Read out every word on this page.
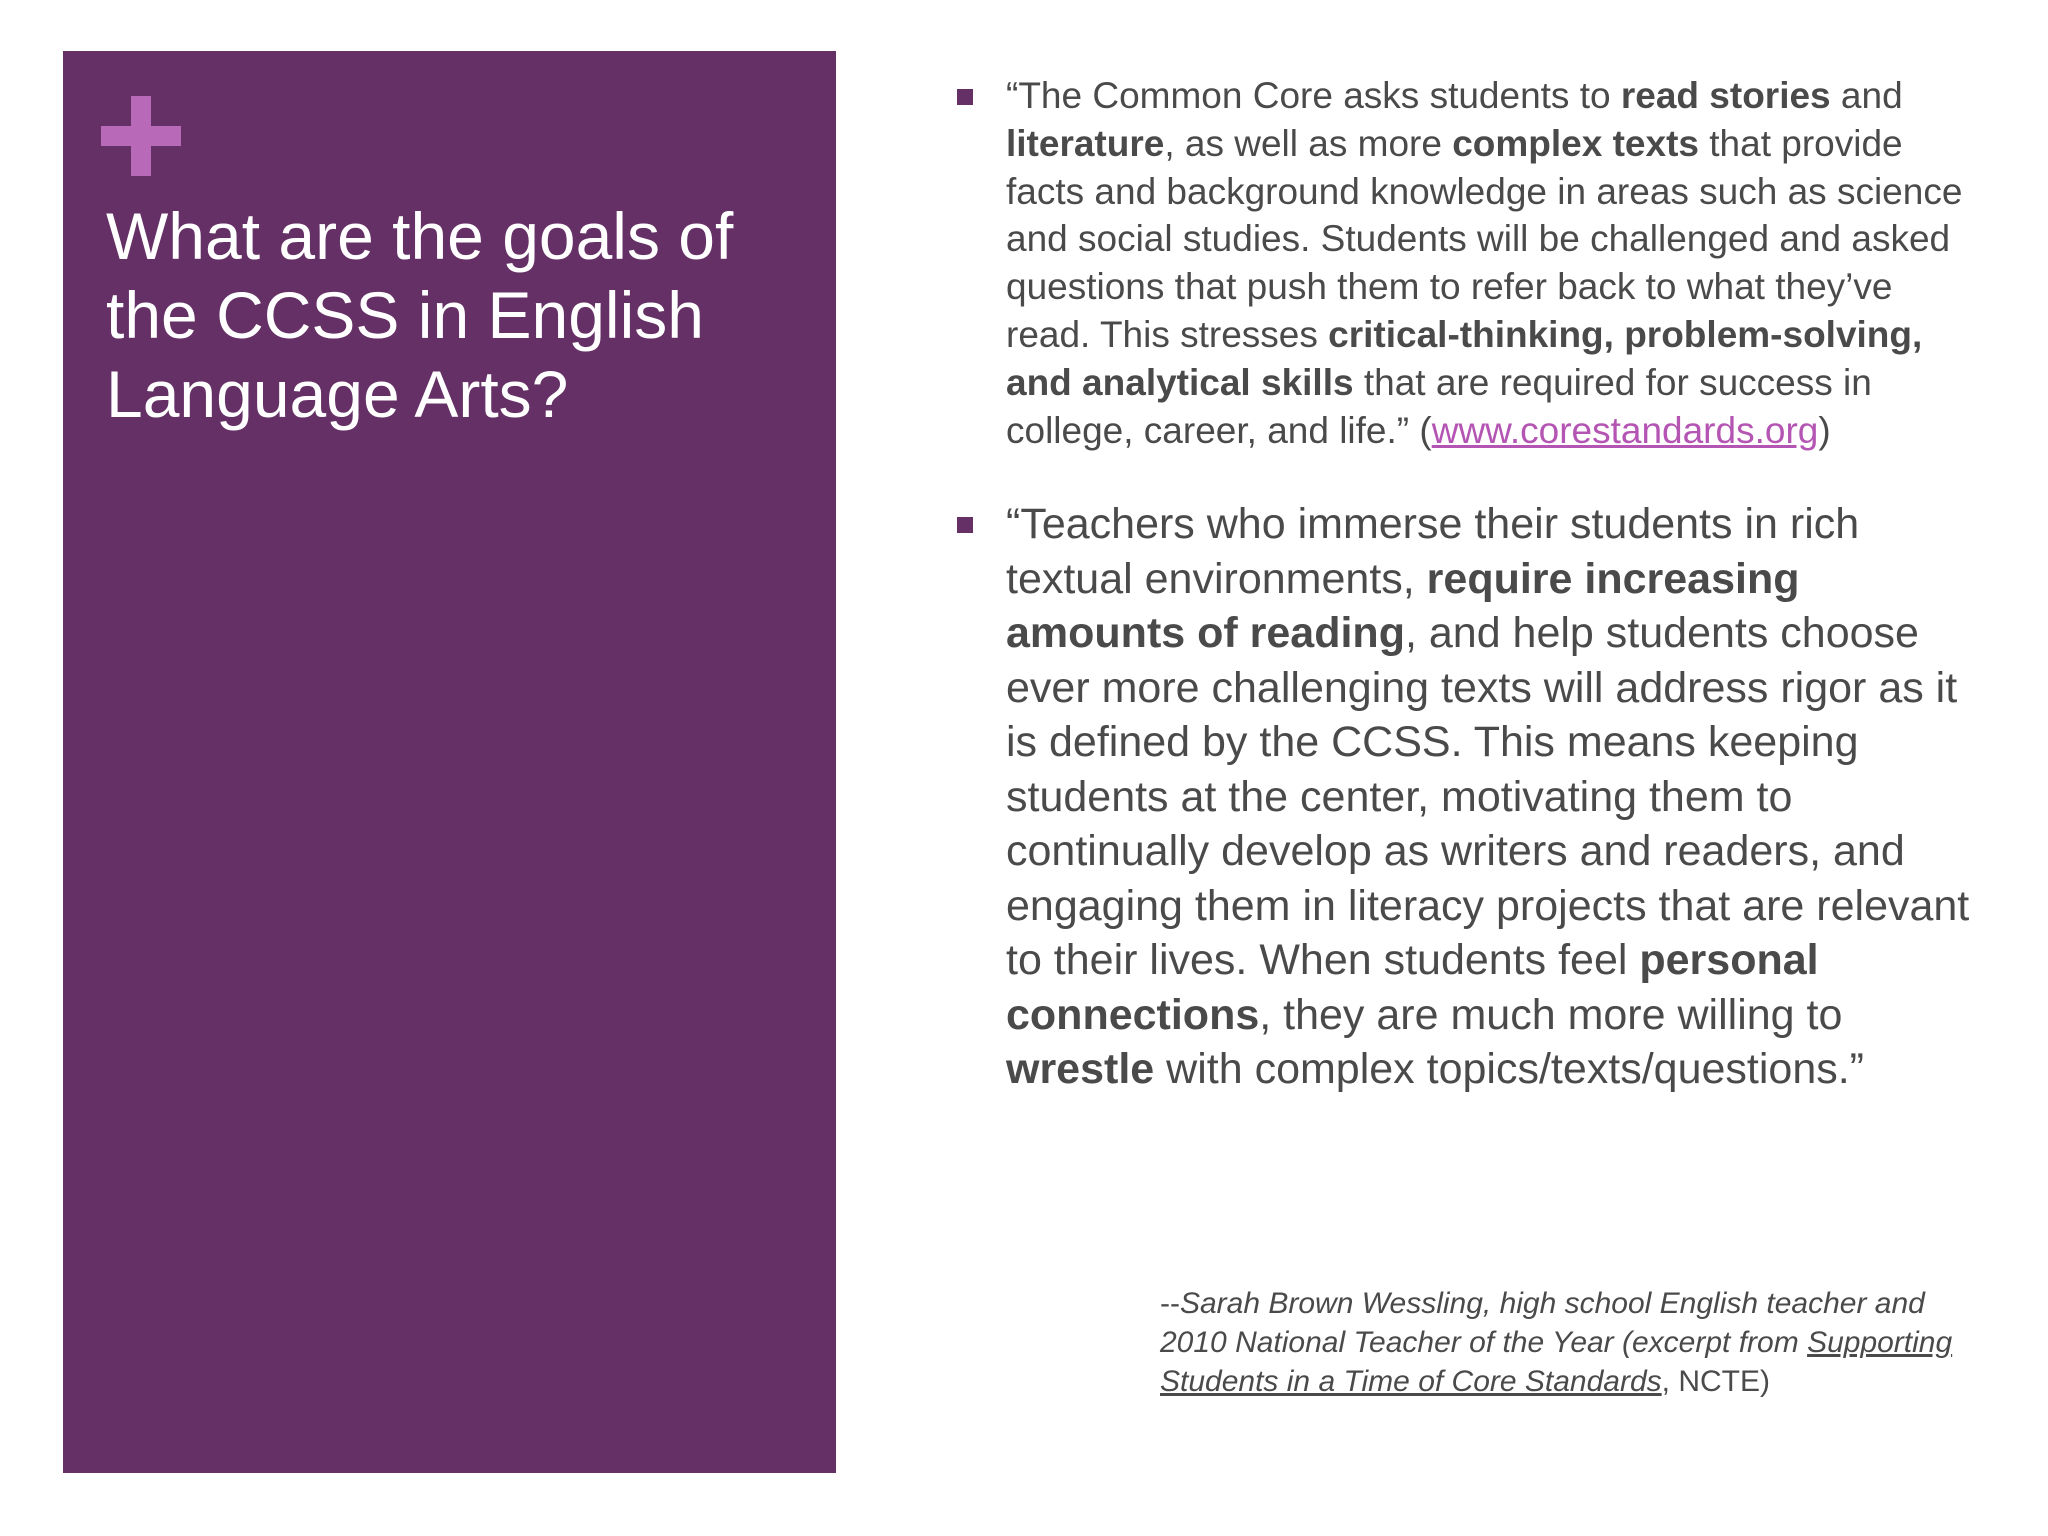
What are the goals of the CCSS in English Language Arts?
“The Common Core asks students to read stories and literature, as well as more complex texts that provide facts and background knowledge in areas such as science and social studies. Students will be challenged and asked questions that push them to refer back to what they’ve read. This stresses critical-thinking, problem-solving, and analytical skills that are required for success in college, career, and life.” (www.corestandards.org)
“Teachers who immerse their students in rich textual environments, require increasing amounts of reading, and help students choose ever more challenging texts will address rigor as it is defined by the CCSS. This means keeping students at the center, motivating them to continually develop as writers and readers, and engaging them in literacy projects that are relevant to their lives. When students feel personal connections, they are much more willing to wrestle with complex topics/texts/questions.”
--Sarah Brown Wessling, high school English teacher and 2010 National Teacher of the Year (excerpt from Supporting Students in a Time of Core Standards, NCTE)
